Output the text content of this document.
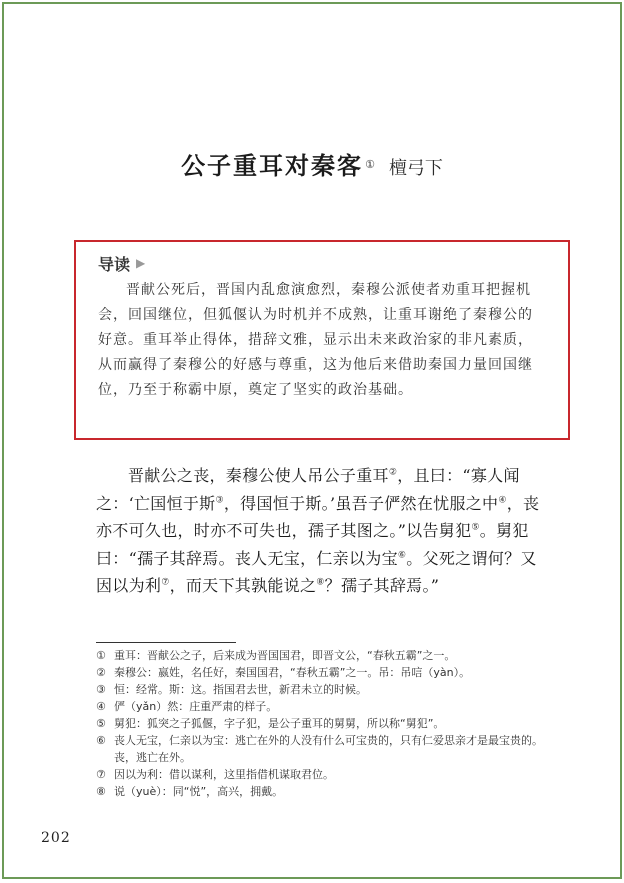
公子重耳对秦客 ① 檀弓下
导读 ▶

晋献公死后，晋国内乱愈演愈烈，秦穆公派使者劝重耳把握机会，回国继位，但狐偃认为时机并不成熟，让重耳谢绝了秦穆公的好意。重耳举止得体，措辞文雅，显示出未来政治家的非凡素质，从而赢得了秦穆公的好感与尊重，这为他后来借助秦国力量回国继位，乃至于称霸中原，奠定了坚实的政治基础。

晋献公之丧，秦穆公使人吊公子重耳②，且曰：“寡人闻之：‘亡国恒于斯③，得国恒于斯。’虽吾子俨然在忧服之中④，丧亦不可久也，时亦不可失也，孺子其图之。”以告舅犯⑤。舅犯曰：“孺子其辞焉。丧人无宝，仁亲以为宝⑥。父死之谓何？又因以为利⑦，而天下其孰能说之⑧？孺子其辞焉。”

① 重耳：晋献公之子，后来成为晋国国君，即晋文公，“春秋五霸”之一。
② 秦穆公：嬴姓，名任好，秦国国君，“春秋五霸”之一。吊：吊唁（yàn）。
③ 恒：经常。斯：这。指国君去世，新君未立的时候。
④ 俨（yǎn）然：庄重严肃的样子。
⑤ 舅犯：狐突之子狐偃，字子犯，是公子重耳的舅舅，所以称“舅犯”。
⑥ 丧人无宝，仁亲以为宝：逃亡在外的人没有什么可宝贵的，只有仁爱思亲才是最宝贵的。丧，逃亡在外。
⑦ 因以为利：借以谋利，这里指借机谋取君位。
⑧ 说（yuè）：同“悦”，高兴，拥戴。
202
